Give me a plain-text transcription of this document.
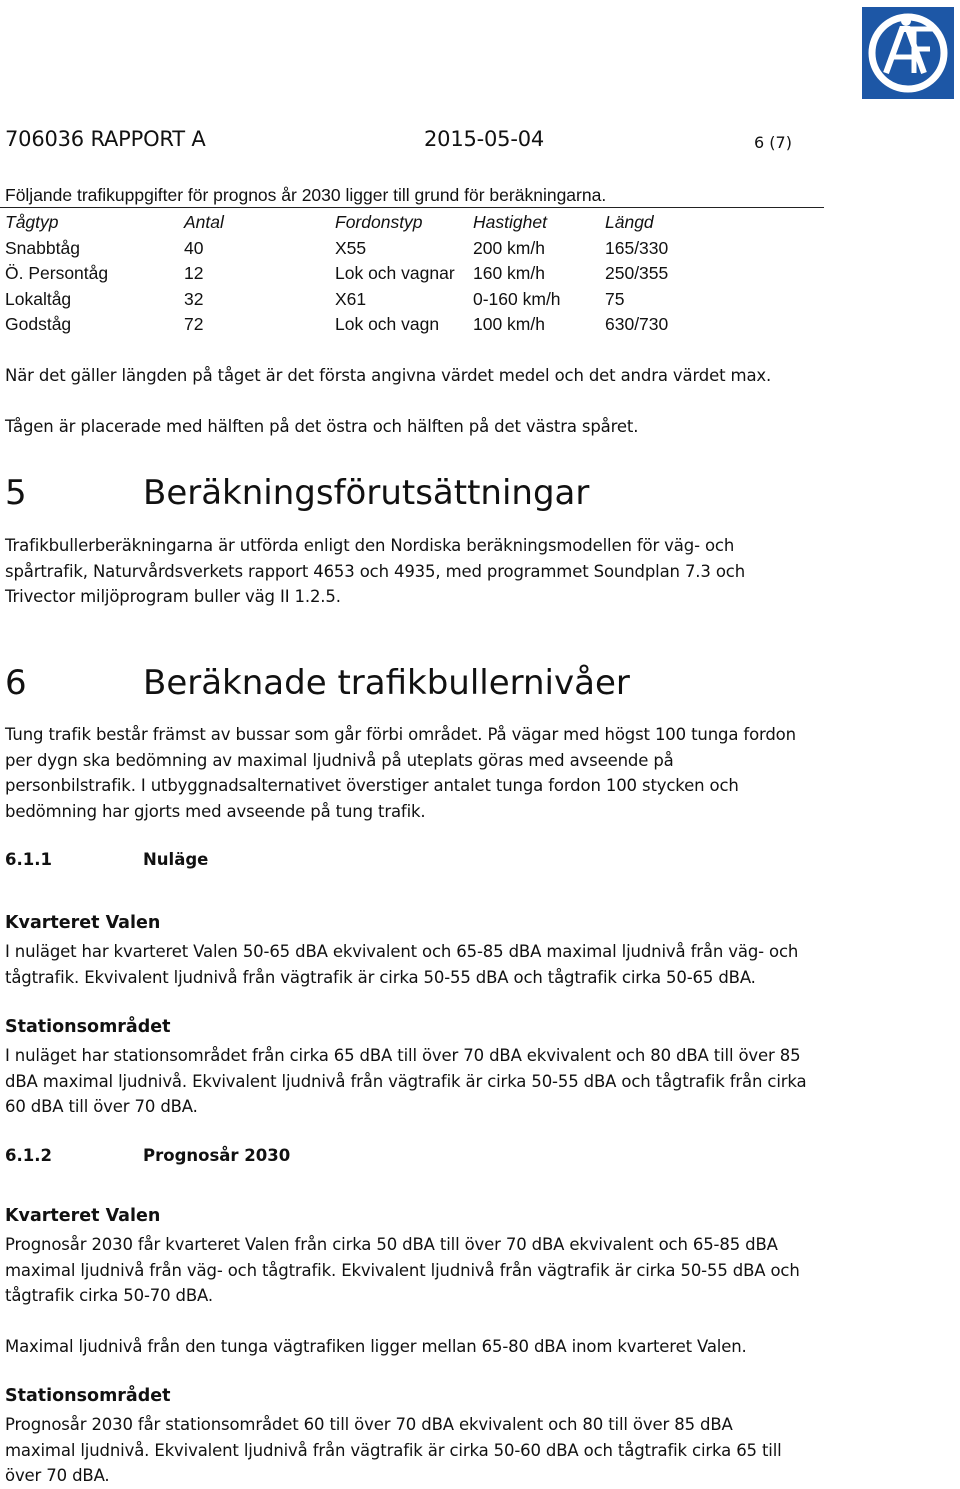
706036 RAPPORT A	2015-05-04	6 (7)
Följande trafikuppgifter för prognos år 2030 ligger till grund för beräkningarna.
Tågtyp	Antal	Fordonstyp	Hastighet	Längd
Snabbtåg	40	X55	200 km/h	165/330
Ö. Persontåg	12	Lok och vagnar	160 km/h	250/355
Lokaltåg	32	X61	0-160 km/h	75
Godståg	72	Lok och vagn	100 km/h	630/730
När det gäller längden på tåget är det första angivna värdet medel och det andra värdet max.
Tågen är placerade med hälften på det östra och hälften på det västra spåret.
5	Beräkningsförutsättningar
Trafikbullerberäkningarna är utförda enligt den Nordiska beräkningsmodellen för väg- och
spårtrafik, Naturvårdsverkets rapport 4653 och 4935, med programmet Soundplan 7.3 och
Trivector miljöprogram buller väg II 1.2.5.
6	Beräknade trafikbullernivåer
Tung trafik består främst av bussar som går förbi området. På vägar med högst 100 tunga fordon
per dygn ska bedömning av maximal ljudnivå på uteplats göras med avseende på
personbilstrafik. I utbyggnadsalternativet överstiger antalet tunga fordon 100 stycken och
bedömning har gjorts med avseende på tung trafik.
6.1.1	Nuläge
Kvarteret Valen
I nuläget har kvarteret Valen 50-65 dBA ekvivalent och 65-85 dBA maximal ljudnivå från väg- och
tågtrafik. Ekvivalent ljudnivå från vägtrafik är cirka 50-55 dBA och tågtrafik cirka 50-65 dBA.
Stationsområdet
I nuläget har stationsområdet från cirka 65 dBA till över 70 dBA ekvivalent och 80 dBA till över 85
dBA maximal ljudnivå. Ekvivalent ljudnivå från vägtrafik är cirka 50-55 dBA och tågtrafik från cirka
60 dBA till över 70 dBA.
6.1.2	Prognosår 2030
Kvarteret Valen
Prognosår 2030 får kvarteret Valen från cirka 50 dBA till över 70 dBA ekvivalent och 65-85 dBA
maximal ljudnivå från väg- och tågtrafik. Ekvivalent ljudnivå från vägtrafik är cirka 50-55 dBA och
tågtrafik cirka 50-70 dBA.
Maximal ljudnivå från den tunga vägtrafiken ligger mellan 65-80 dBA inom kvarteret Valen.
Stationsområdet
Prognosår 2030 får stationsområdet 60 till över 70 dBA ekvivalent och 80 till över 85 dBA
maximal ljudnivå. Ekvivalent ljudnivå från vägtrafik är cirka 50-60 dBA och tågtrafik cirka 65 till
över 70 dBA.
